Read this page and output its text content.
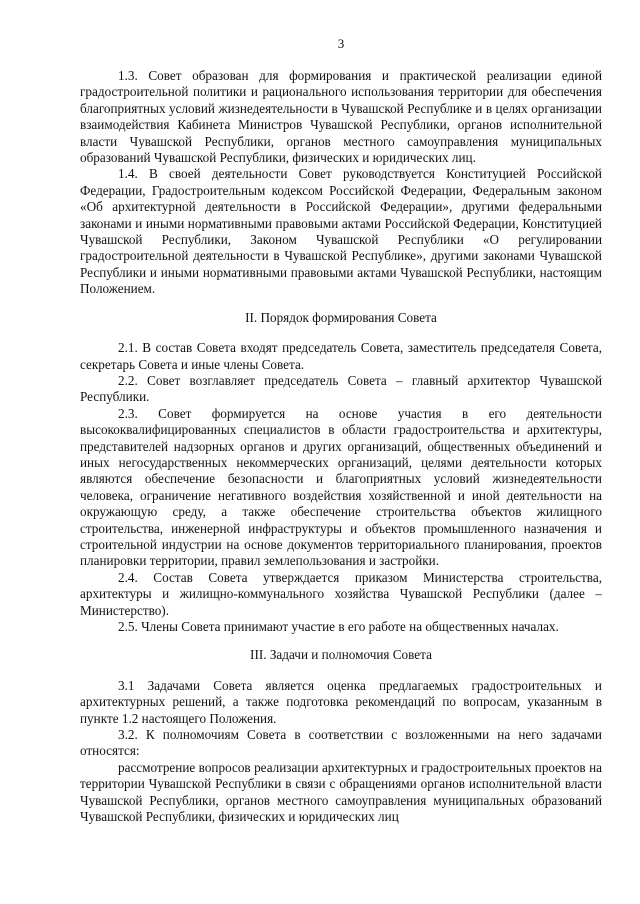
3

1.3. Совет образован для формирования и практической реализации единой градостроительной политики и рационального использования территории для обеспечения благоприятных условий жизнедеятельности в Чувашской Республике и в целях организации взаимодействия Кабинета Министров Чувашской Республики, органов исполнительной власти Чувашской Республики, органов местного самоуправления муниципальных образований Чувашской Республики, физических и юридических лиц.

1.4. В своей деятельности Совет руководствуется Конституцией Российской Федерации, Градостроительным кодексом Российской Федерации, Федеральным законом «Об архитектурной деятельности в Российской Федерации», другими федеральными законами и иными нормативными правовыми актами Российской Федерации, Конституцией Чувашской Республики, Законом Чувашской Республики «О регулировании градостроительной деятельности в Чувашской Республике», другими законами Чувашской Республики и иными нормативными правовыми актами Чувашской Республики, настоящим Положением.

II. Порядок формирования Совета

2.1. В состав Совета входят председатель Совета, заместитель председателя Совета, секретарь Совета и иные члены Совета.

2.2. Совет возглавляет председатель Совета – главный архитектор Чувашской Республики.

2.3. Совет формируется на основе участия в его деятельности высококвалифицированных специалистов в области градостроительства и архитектуры, представителей надзорных органов и других организаций, общественных объединений и иных негосударственных некоммерческих организаций, целями деятельности которых являются обеспечение безопасности и благоприятных условий жизнедеятельности человека, ограничение негативного воздействия хозяйственной и иной деятельности на окружающую среду, а также обеспечение строительства объектов жилищного строительства, инженерной инфраструктуры и объектов промышленного назначения и строительной индустрии на основе документов территориального планирования, проектов планировки территории, правил землепользования и застройки.

2.4. Состав Совета утверждается приказом Министерства строительства, архитектуры и жилищно-коммунального хозяйства Чувашской Республики (далее – Министерство).

2.5. Члены Совета принимают участие в его работе на общественных началах.

III. Задачи и полномочия Совета

3.1 Задачами Совета является оценка предлагаемых градостроительных и архитектурных решений, а также подготовка рекомендаций по вопросам, указанным в пункте 1.2 настоящего Положения.

3.2. К полномочиям Совета в соответствии с возложенными на него задачами относятся:

рассмотрение вопросов реализации архитектурных и градостроительных проектов на территории Чувашской Республики в связи с обращениями органов исполнительной власти Чувашской Республики, органов местного самоуправления муниципальных образований Чувашской Республики, физических и юридических лиц
